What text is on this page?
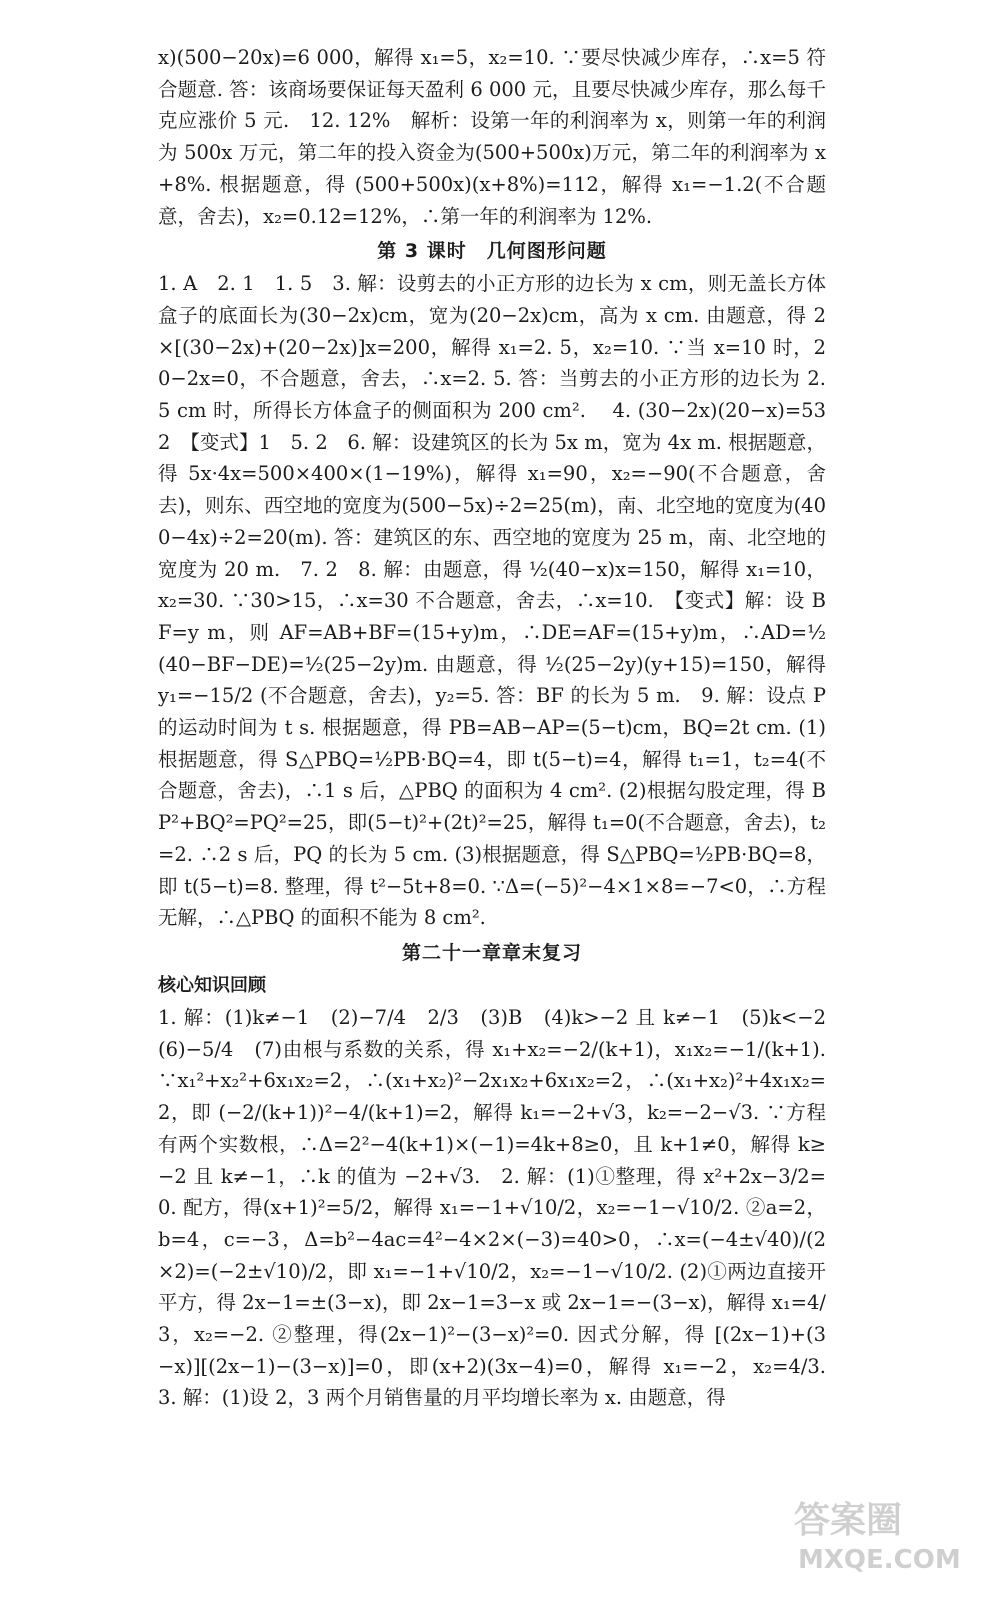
x)(500−20x)=6 000，解得 x₁=5，x₂=10. ∵要尽快减少库存，∴x=5 符合题意. 答：该商场要保证每天盈利 6 000 元，且要尽快减少库存，那么每千克应涨价 5 元.　12. 12%　解析：设第一年的利润率为 x，则第一年的利润为 500x 万元，第二年的投入资金为(500+500x)万元，第二年的利润率为 x+8%. 根据题意，得 (500+500x)(x+8%)=112，解得 x₁=−1.2(不合题意，舍去)，x₂=0.12=12%，∴第一年的利润率为 12%.

第 3 课时　几何图形问题

1. A　2. 1　1. 5　3. 解：设剪去的小正方形的边长为 x cm，则无盖长方体盒子的底面长为(30−2x)cm，宽为(20−2x)cm，高为 x cm. 由题意，得 2×[(30−2x)+(20−2x)]x=200，解得 x₁=2. 5，x₂=10. ∵当 x=10 时，20−2x=0，不合题意，舍去，∴x=2. 5. 答：当剪去的小正方形的边长为 2. 5 cm 时，所得长方体盒子的侧面积为 200 cm². 　4. (30−2x)(20−x)=532　【变式】1　5. 2　6. 解：设建筑区的长为 5x m，宽为 4x m. 根据题意，得 5x·4x=500×400×(1−19%)，解得 x₁=90，x₂=−90(不合题意，舍去)，则东、西空地的宽度为(500−5x)÷2=25(m)，南、北空地的宽度为(400−4x)÷2=20(m). 答：建筑区的东、西空地的宽度为 25 m，南、北空地的宽度为 20 m.　7. 2　8. 解：由题意，得 ½(40−x)x=150，解得 x₁=10，x₂=30. ∵30>15，∴x=30 不合题意，舍去，∴x=10.　【变式】解：设 BF=y m，则 AF=AB+BF=(15+y)m，∴DE=AF=(15+y)m，∴AD=½(40−BF−DE)=½(25−2y)m. 由题意，得 ½(25−2y)(y+15)=150，解得 y₁=−15/2 (不合题意，舍去)，y₂=5. 答：BF 的长为 5 m.　9. 解：设点 P 的运动时间为 t s. 根据题意，得 PB=AB−AP=(5−t)cm，BQ=2t cm. (1)根据题意，得 S△PBQ=½PB·BQ=4，即 t(5−t)=4，解得 t₁=1，t₂=4(不合题意，舍去)，∴1 s 后，△PBQ 的面积为 4 cm². (2)根据勾股定理，得 BP²+BQ²=PQ²=25，即(5−t)²+(2t)²=25，解得 t₁=0(不合题意，舍去)，t₂=2. ∴2 s 后，PQ 的长为 5 cm. (3)根据题意，得 S△PBQ=½PB·BQ=8，即 t(5−t)=8. 整理，得 t²−5t+8=0. ∵Δ=(−5)²−4×1×8=−7<0，∴方程无解，∴△PBQ 的面积不能为 8 cm².

第二十一章章末复习
核心知识回顾

1. 解：(1)k≠−1　(2)−7/4　2/3　(3)B　(4)k>−2 且 k≠−1　(5)k<−2　(6)−5/4　(7)由根与系数的关系，得 x₁+x₂=−2/(k+1)，x₁x₂=−1/(k+1). ∵x₁²+x₂²+6x₁x₂=2，∴(x₁+x₂)²−2x₁x₂+6x₁x₂=2，∴(x₁+x₂)²+4x₁x₂=2，即 (−2/(k+1))²−4/(k+1)=2，解得 k₁=−2+√3，k₂=−2−√3. ∵方程有两个实数根，∴Δ=2²−4(k+1)×(−1)=4k+8≥0，且 k+1≠0，解得 k≥−2 且 k≠−1，∴k 的值为 −2+√3.　2. 解：(1)①整理，得 x²+2x−3/2=0. 配方，得(x+1)²=5/2，解得 x₁=−1+√10/2，x₂=−1−√10/2. ②a=2，b=4，c=−3，Δ=b²−4ac=4²−4×2×(−3)=40>0，∴x=(−4±√40)/(2×2)=(−2±√10)/2，即 x₁=−1+√10/2，x₂=−1−√10/2. (2)①两边直接开平方，得 2x−1=±(3−x)，即 2x−1=3−x 或 2x−1=−(3−x)，解得 x₁=4/3，x₂=−2. ②整理，得(2x−1)²−(3−x)²=0. 因式分解，得 [(2x−1)+(3−x)][(2x−1)−(3−x)]=0，即(x+2)(3x−4)=0，解得 x₁=−2，x₂=4/3.　3. 解：(1)设 2，3 两个月销售量的月平均增长率为 x. 由题意，得

答案圈
MXQE.COM
